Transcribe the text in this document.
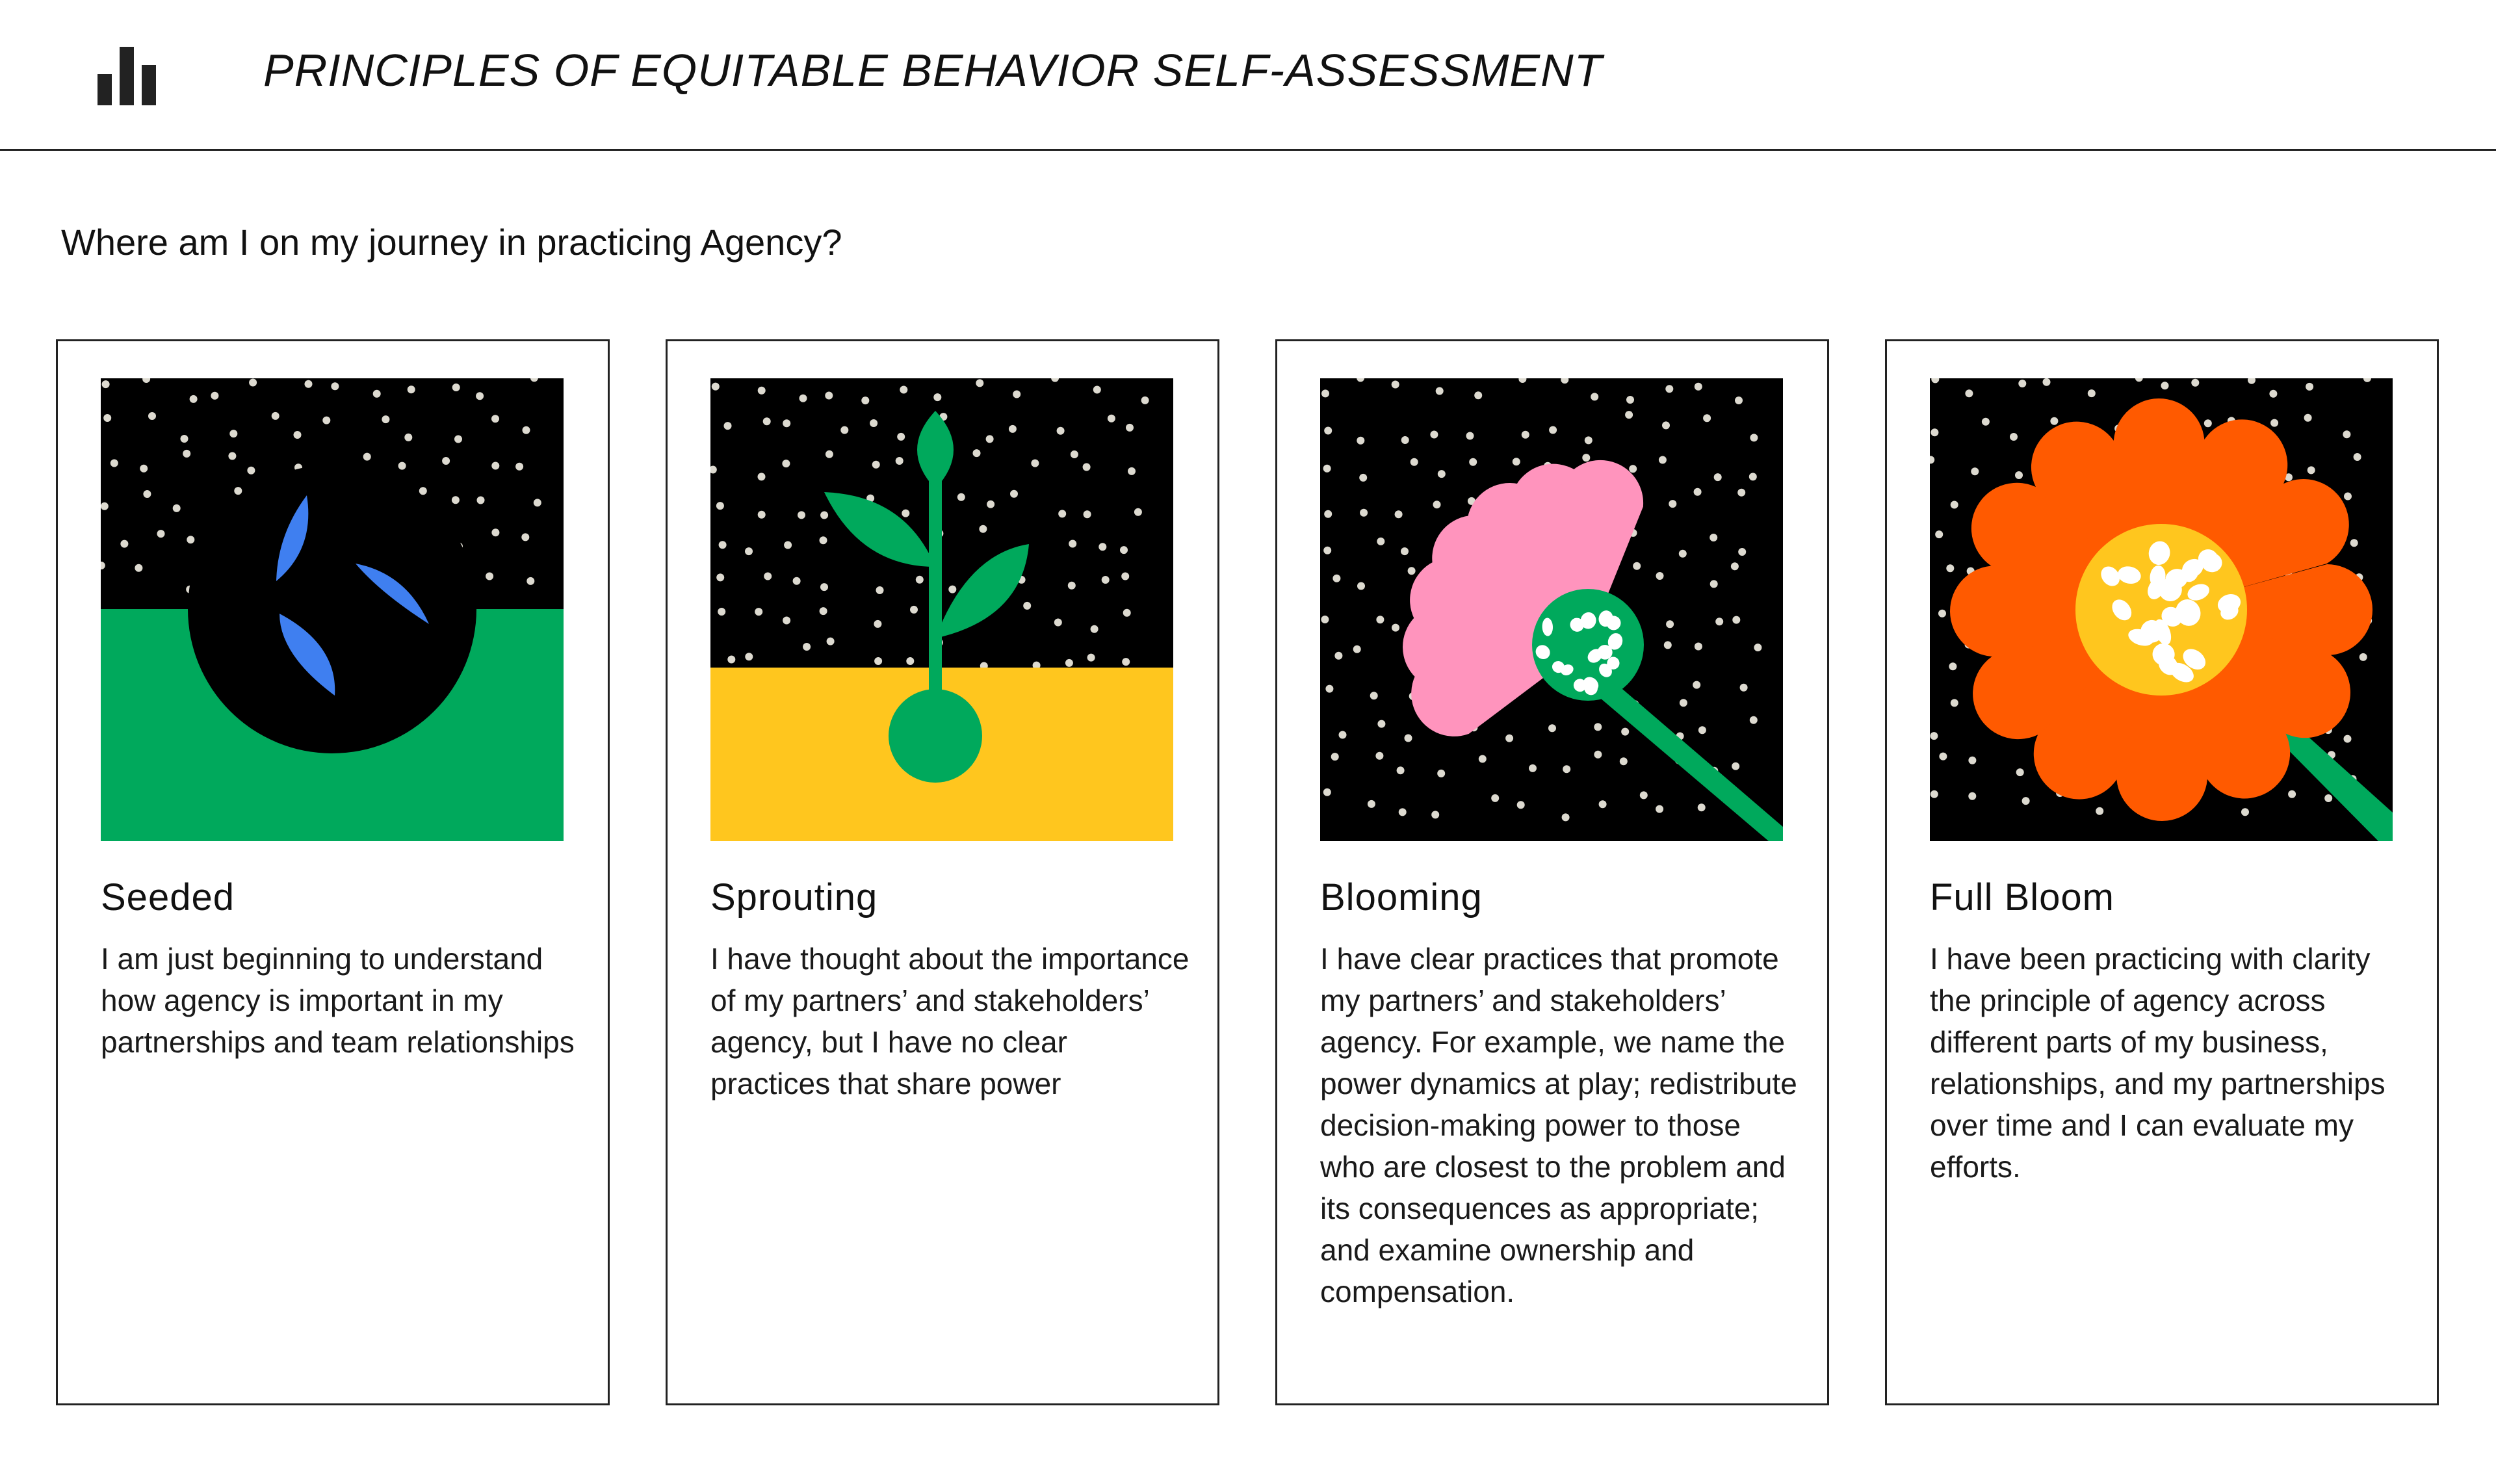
PRINCIPLES OF EQUITABLE BEHAVIOR SELF-ASSESSMENT
Where am I on my journey in practicing Agency?
Seeded
I am just beginning to understand how agency is important in my partnerships and team relationships
Sprouting
I have thought about the importance of my partners’ and stakeholders’ agency, but I have no clear practices that share power
Blooming
I have clear practices that promote my partners’ and stakeholders’ agency. For example, we name the power dynamics at play; redistribute decision-making power to those who are closest to the problem and its consequences as appropriate; and examine ownership and compensation.
Full Bloom
I have been practicing with clarity the principle of agency across different parts of my business, relationships, and my partnerships over time and I can evaluate my efforts.
